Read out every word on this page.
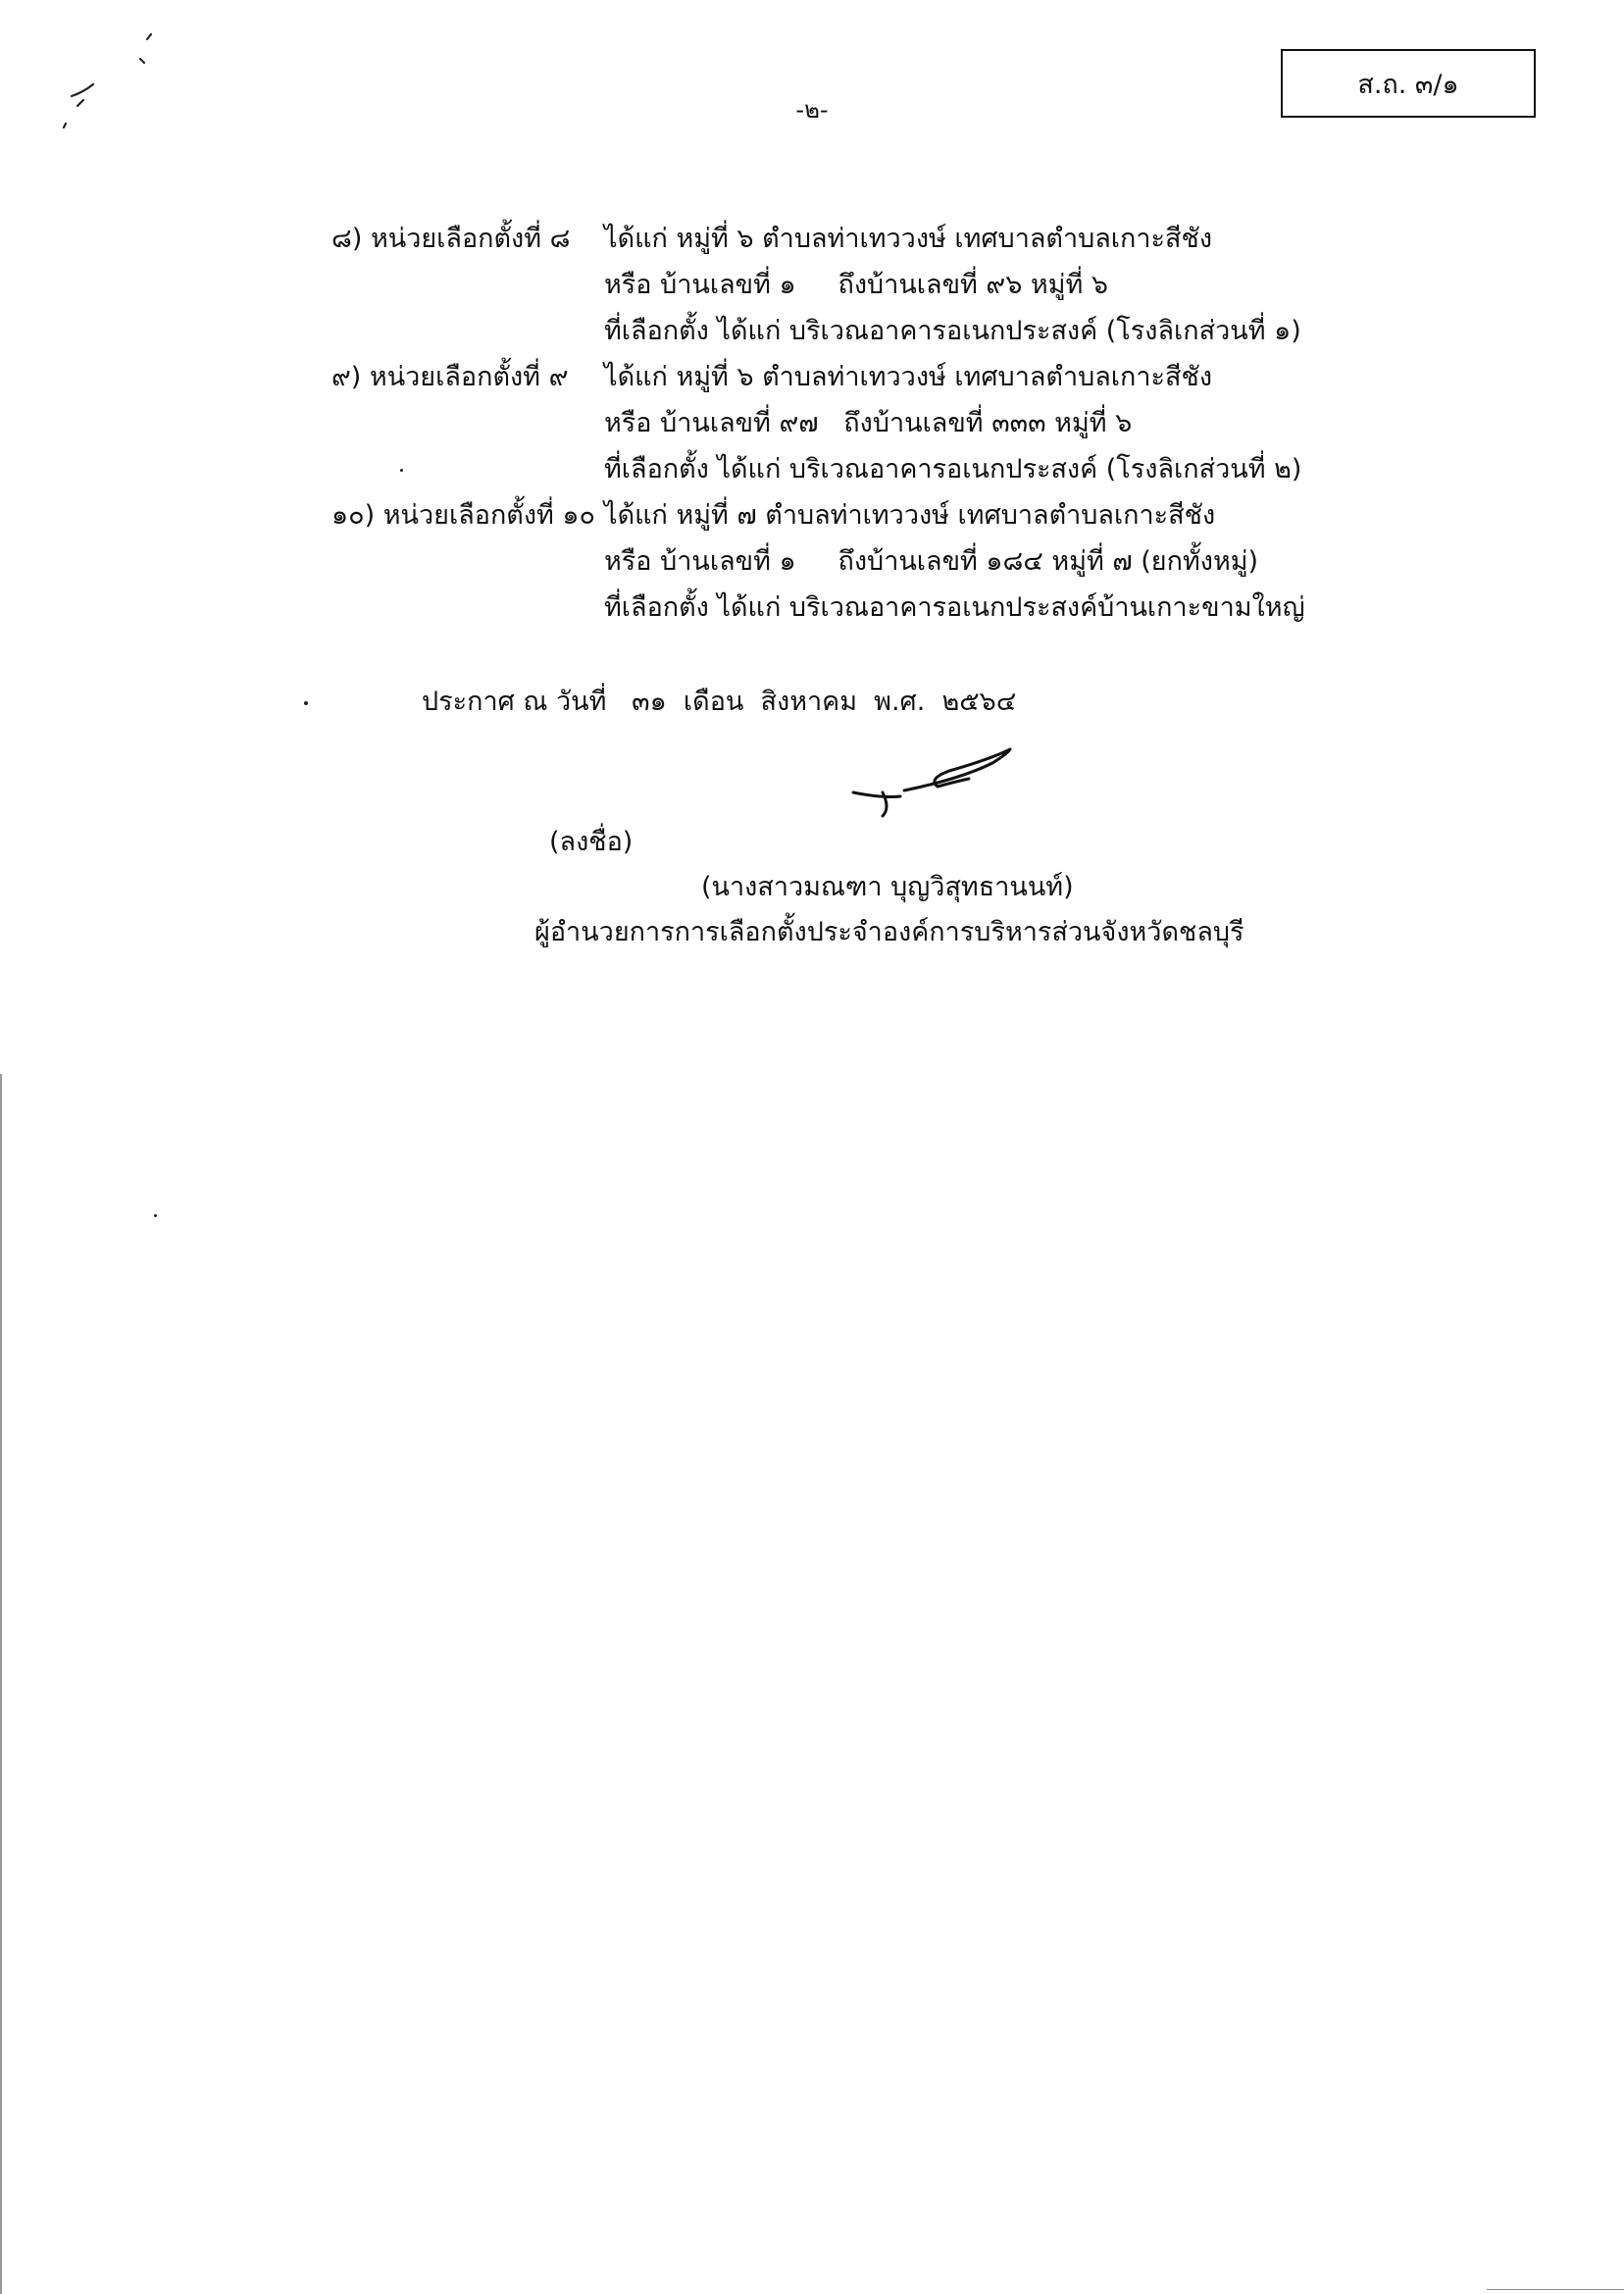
ส.ถ. ๓/๑
-๒-
๘) หน่วยเลือกตั้งที่ ๘	ได้แก่ หมู่ที่ ๖ ตำบลท่าเทววงษ์ เทศบาลตำบลเกาะสีชัง
หรือ บ้านเลขที่ ๑     ถึงบ้านเลขที่ ๙๖ หมู่ที่ ๖
ที่เลือกตั้ง ได้แก่ บริเวณอาคารอเนกประสงค์ (โรงลิเกส่วนที่ ๑)
๙) หน่วยเลือกตั้งที่ ๙	ได้แก่ หมู่ที่ ๖ ตำบลท่าเทววงษ์ เทศบาลตำบลเกาะสีชัง
หรือ บ้านเลขที่ ๙๗   ถึงบ้านเลขที่ ๓๓๓ หมู่ที่ ๖
ที่เลือกตั้ง ได้แก่ บริเวณอาคารอเนกประสงค์ (โรงลิเกส่วนที่ ๒)
๑๐) หน่วยเลือกตั้งที่ ๑๐ ได้แก่ หมู่ที่ ๗ ตำบลท่าเทววงษ์ เทศบาลตำบลเกาะสีชัง
หรือ บ้านเลขที่ ๑     ถึงบ้านเลขที่ ๑๘๔ หมู่ที่ ๗ (ยกทั้งหมู่)
ที่เลือกตั้ง ได้แก่ บริเวณอาคารอเนกประสงค์บ้านเกาะขามใหญ่
ประกาศ ณ วันที่   ๓๑  เดือน  สิงหาคม  พ.ศ.  ๒๕๖๔
(ลงชื่อ)
(นางสาวมณฑา บุญวิสุทธานนท์)
ผู้อำนวยการการเลือกตั้งประจำองค์การบริหารส่วนจังหวัดชลบุรี
